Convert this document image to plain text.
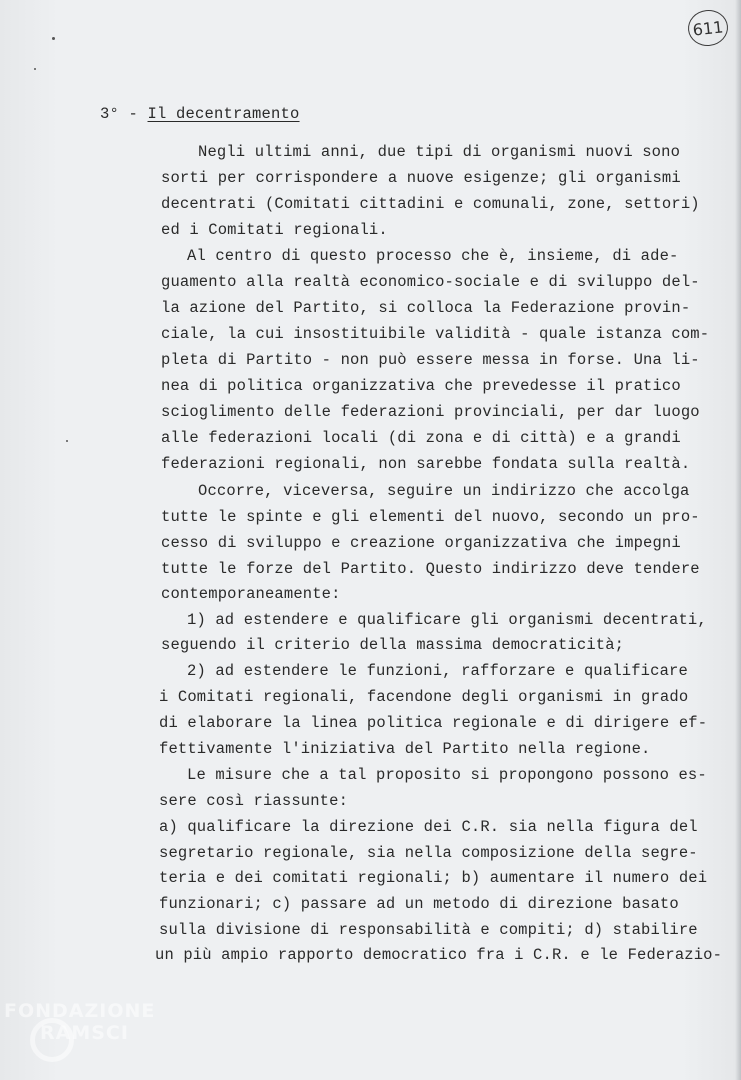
611
3° - Il decentramento
Negli ultimi anni, due tipi di organismi nuovi sono
sorti per corrispondere a nuove esigenze; gli organismi
decentrati (Comitati cittadini e comunali, zone, settori)
ed i Comitati regionali.
Al centro di questo processo che è, insieme, di ade-
guamento alla realtà economico-sociale e di sviluppo del-
la azione del Partito, si colloca la Federazione provin-
ciale, la cui insostituibile validità - quale istanza com-
pleta di Partito - non può essere messa in forse. Una li-
nea di politica organizzativa che prevedesse il pratico
scioglimento delle federazioni provinciali, per dar luogo
alle federazioni locali (di zona e di città) e a grandi
federazioni regionali, non sarebbe fondata sulla realtà.
Occorre, viceversa, seguire un indirizzo che accolga
tutte le spinte e gli elementi del nuovo, secondo un pro-
cesso di sviluppo e creazione organizzativa che impegni
tutte le forze del Partito. Questo indirizzo deve tendere
contemporaneamente:
1) ad estendere e qualificare gli organismi decentrati,
seguendo il criterio della massima democraticità;
2) ad estendere le funzioni, rafforzare e qualificare
i Comitati regionali, facendone degli organismi in grado
di elaborare la linea politica regionale e di dirigere ef-
fettivamente l'iniziativa del Partito nella regione.
Le misure che a tal proposito si propongono possono es-
sere così riassunte:
a) qualificare la direzione dei C.R. sia nella figura del
segretario regionale, sia nella composizione della segre-
teria e dei comitati regionali; b) aumentare il numero dei
funzionari; c) passare ad un metodo di direzione basato
sulla divisione di responsabilità e compiti; d) stabilire
un più ampio rapporto democratico fra i C.R. e le Federazio-
FONDAZIONE
RAMSCI
